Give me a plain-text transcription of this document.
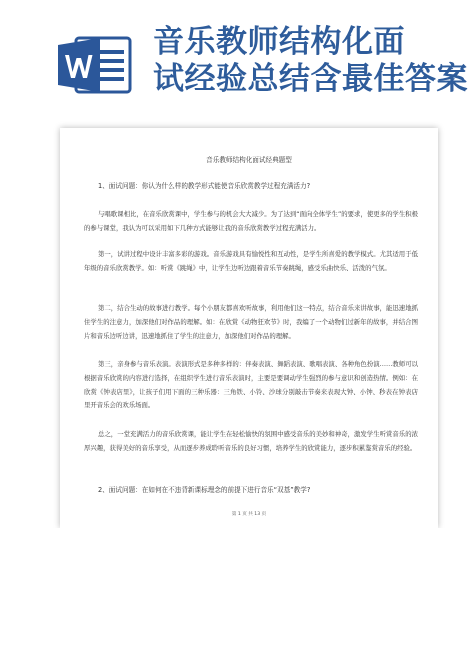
音乐教师结构化面
试经验总结含最佳答案
音乐教师结构化面试经典题型
1、面试问题：你认为什么样的教学形式能使音乐欣赏教学过程充满活力?
与唱歌课相比，在音乐欣赏课中，学生参与的机会大大减少。为了达到“面向全体学生”的要求，使更多的学生积极的参与课堂，我认为可以采用如下几种方式能够让我的音乐欣赏教学过程充满活力。
第一，试讲过程中设计丰富多彩的游戏。音乐游戏具有愉悦性和互动性，是学生所喜爱的教学模式。尤其适用于低年级的音乐欣赏教学。如：听赏《跳绳》中，让学生边听边跟着音乐节奏跳绳，感受乐曲快乐、活泼的气氛。
第二，结合生动的故事进行教学。每个小朋友都喜欢听故事，利用他们这一特点，结合音乐来讲故事，能迅速地抓住学生的注意力，加深他们对作品的理解。如：在欣赏《动物狂欢节》时，我编了一个动物们过新年的故事，并结合图片和音乐边听边讲，迅速地抓住了学生的注意力，加深他们对作品的理解。
第三，亲身参与音乐表演。表演形式是多种多样的：伴奏表演、舞蹈表演、歌唱表演、各种角色扮演……教师可以根据音乐欣赏的内容进行选择，在组织学生进行音乐表演时，主要是要调动学生强烈的参与意识和创造热情。例如：在欣赏《钟表店里》，让孩子们用下面的三种乐器：三角铁、小铃、沙球分别敲击节奏来表现大钟、小钟、秒表在钟表店里开音乐会的欢乐场面。
总之，一堂充满活力的音乐欣赏课，能让学生在轻松愉快的氛围中感受音乐的美妙和神奇，激发学生听赏音乐的浓厚兴趣，获得美好的音乐享受，从而逐步养成聆听音乐的良好习惯，培养学生的欣赏能力，逐步积累鉴赏音乐的经验。
2、面试问题：在如何在不违背新课标理念的前提下进行音乐“双基”教学?
第 1 页 共 13 页
